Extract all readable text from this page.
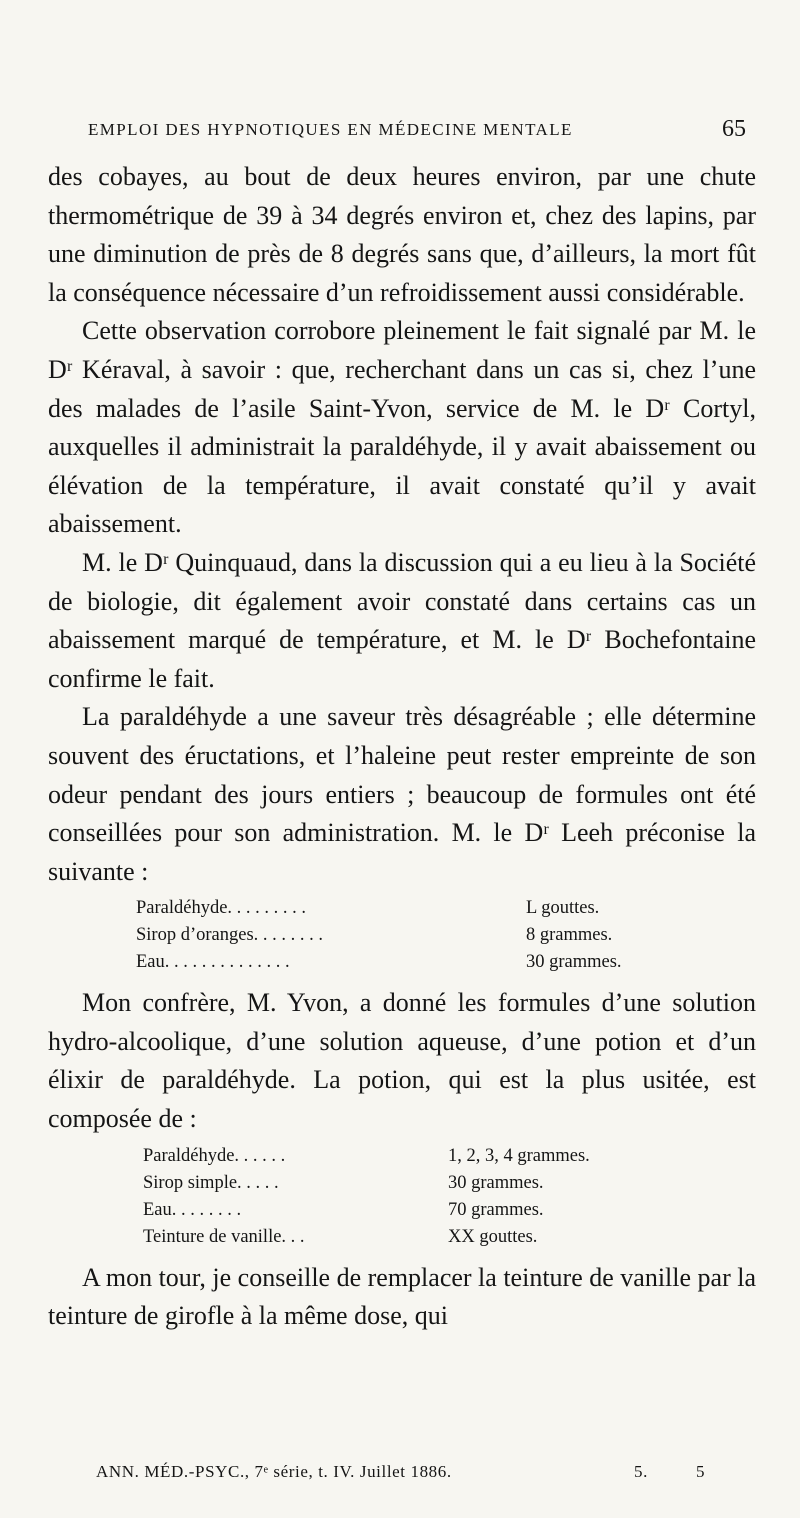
EMPLOI DES HYPNOTIQUES EN MÉDECINE MENTALE	65

des cobayes, au bout de deux heures environ, par une chute thermométrique de 39 à 34 degrés environ et, chez des lapins, par une diminution de près de 8 degrés sans que, d’ailleurs, la mort fût la conséquence nécessaire d’un refroidissement aussi considérable.

Cette observation corrobore pleinement le fait signalé par M. le Dʳ Kéraval, à savoir : que, recherchant dans un cas si, chez l’une des malades de l’asile Saint-Yvon, service de M. le Dʳ Cortyl, auxquelles il administrait la paraldéhyde, il y avait abaissement ou élévation de la température, il avait constaté qu’il y avait abaissement.

M. le Dʳ Quinquaud, dans la discussion qui a eu lieu à la Société de biologie, dit également avoir constaté dans certains cas un abaissement marqué de température, et M. le Dʳ Bochefontaine confirme le fait.

La paraldéhyde a une saveur très désagréable ; elle détermine souvent des éructations, et l’haleine peut rester empreinte de son odeur pendant des jours entiers ; beaucoup de formules ont été conseillées pour son administration. M. le Dʳ Leeh préconise la suivante :

Paraldéhyde. . . . . . . . .	L gouttes.
Sirop d’oranges. . . . . . . .	8 grammes.
Eau. . . . . . . . . . . . . .	30 grammes.

Mon confrère, M. Yvon, a donné les formules d’une solution hydro-alcoolique, d’une solution aqueuse, d’une potion et d’un élixir de paraldéhyde. La potion, qui est la plus usitée, est composée de :

Paraldéhyde. . . . . .	1, 2, 3, 4 grammes.
Sirop simple. . . . .	30 grammes.
Eau. . . . . . . .	70 grammes.
Teinture de vanille. . .	XX gouttes.

A mon tour, je conseille de remplacer la teinture de vanille par la teinture de girofle à la même dose, qui

ANN. MÉD.-PSYC., 7ᵉ série, t. IV. Juillet 1886.	5.	5
